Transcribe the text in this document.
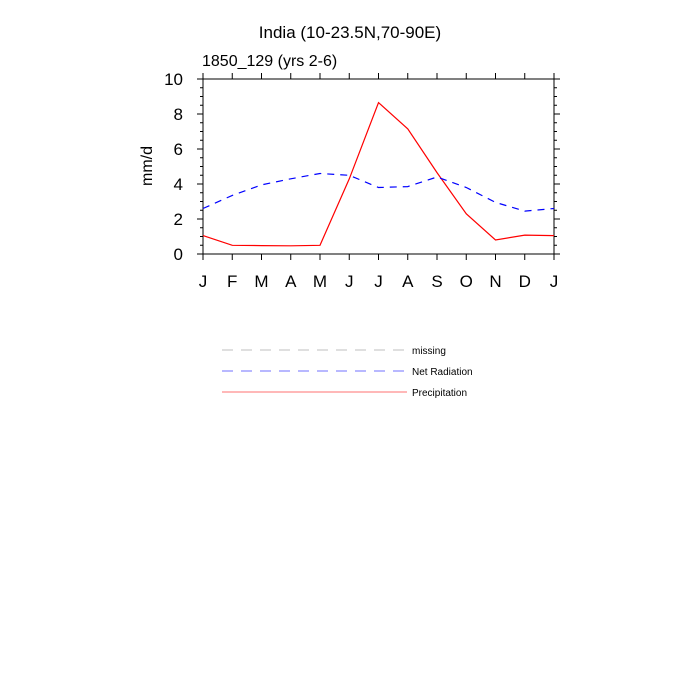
India (10-23.5N,70-90E)
1850_129 (yrs 2-6)
mm/d
0
2
4
6
8
10
J F M A M J J A S O N D J
missing
Net Radiation
Precipitation
